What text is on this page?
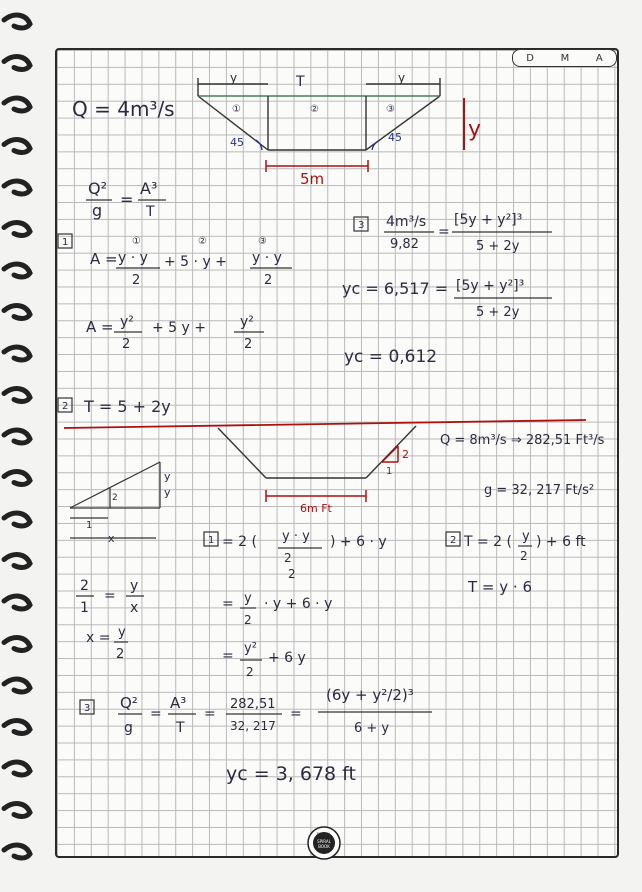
D	M	A
Q = 4m³/s
y	T	y
①	②	③
45	45
5m
y
Q²
g
=
A³
T
1	①	②	③
A = y · y
2
+ 5 · y + y · y
2
A = y²
2
+ 5 y + y²
2
3 4m³/s
9,82
=
[5y + y²]³
5 + 2y
yc = 6,517 = [5y + y²]³
5 + 2y
yc = 0,612
2 T = 5 + 2y
2
1
6m Ft
Q = 8m³/s ⇒ 282,51 Ft³/s
g = 32, 217 Ft/s²
y
y
2
1
x
2
1
=
y
x
x = y
2
1 = 2 ( y · y
2
2
) + 6 · y
= y
2
· y + 6 · y
= y²
2
+ 6 y
2 T = 2 ( y
2
) + 6 ft
T = y · 6
3 Q²
g
=
A³
T
=
282,51
32, 217
=
(6y + y²/2)³
6 + y
yc = 3, 678 ft
ESPIRAL
SPIRAL
BOOK
